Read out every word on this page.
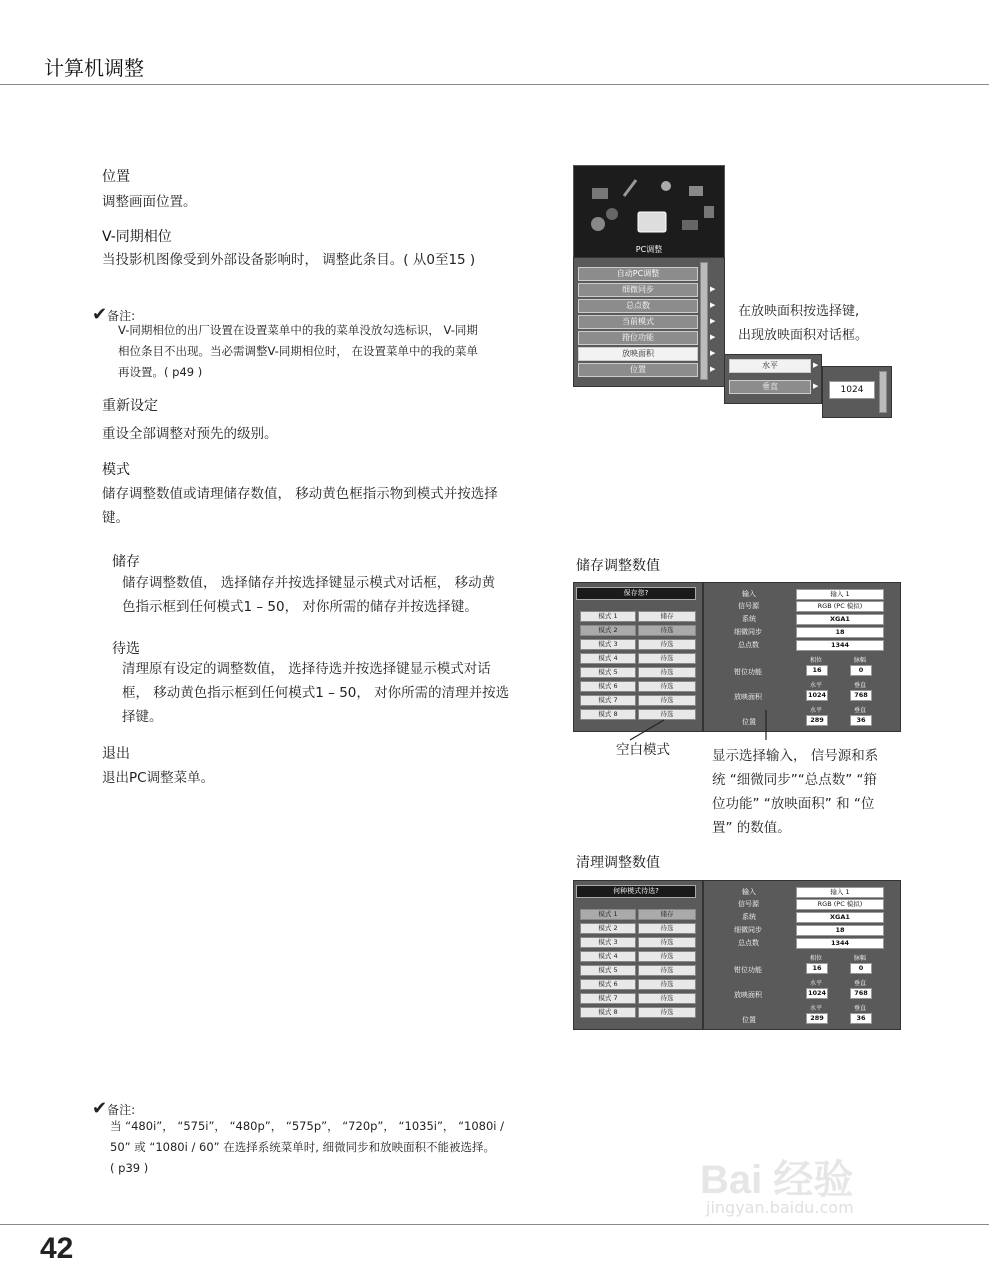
计算机调整
位置
调整画面位置。
V-同期相位
当投影机图像受到外部设备影响时， 调整此条目。( 从0至15 )
✔备注:
V-同期相位的出厂设置在设置菜单中的我的菜单没放勾选标识， V-同期
相位条目不出现。当必需调整V-同期相位时， 在设置菜单中的我的菜单
再设置。( p49 )
重新设定
重设全部调整对预先的级别。
模式
储存调整数值或请理储存数值， 移动黄色框指示物到模式并按选择
键。
储存
储存调整数值， 选择储存并按选择键显示模式对话框， 移动黄
色指示框到任何模式1 – 50， 对你所需的储存并按选择键。
待选
清理原有设定的调整数值， 选择待选并按选择键显示模式对话
框， 移动黄色指示框到任何模式1 – 50， 对你所需的清理并按选
择键。
退出
退出PC调整菜单。
✔备注:
当 “480i”， “575i”， “480p”， “575p”， “720p”， “1035i”， “1080i /
50” 或 “1080i / 60” 在选择系统菜单时, 细微同步和放映面积不能被选择。
( p39 )
PC调整
自动PC调整
细微同步
总点数
当前模式
箝位功能
放映面积
位置
▶
▶
▶
▶
▶
▶	水平
垂直
▶
▶	1024
在放映面积按选择键,
出现放映面积对话框。
储存调整数值
保存您?
模式 1	储存
模式 2	待选
模式 3	待选
模式 4	待选
模式 5	待选
模式 6	待选
模式 7	待选
模式 8	待选
输入	输入 1
信号源	RGB (PC 模拟)
系统	XGA1
细微同步	18
总点数	1344
相位	脉幅
钳位功能	16	0
水平	垂直
放映面积	1024	768
水平	垂直
位置	289	36
空白模式	显示选择输入， 信号源和系
统 “细微同步”“总点数” “箝
位功能” “放映面积” 和 “位
置” 的数值。
清理调整数值
何种模式待选?
模式 1	储存
模式 2	待选
模式 3	待选
模式 4	待选
模式 5	待选
模式 6	待选
模式 7	待选
模式 8	待选
输入	输入 1
信号源	RGB (PC 模拟)
系统	XGA1
细微同步	18
总点数	1344
相位	脉幅
钳位功能	16	0
水平	垂直
放映面积	1024	768
水平	垂直
位置	289	36
Bai 经验
jingyan.baidu.com
42
